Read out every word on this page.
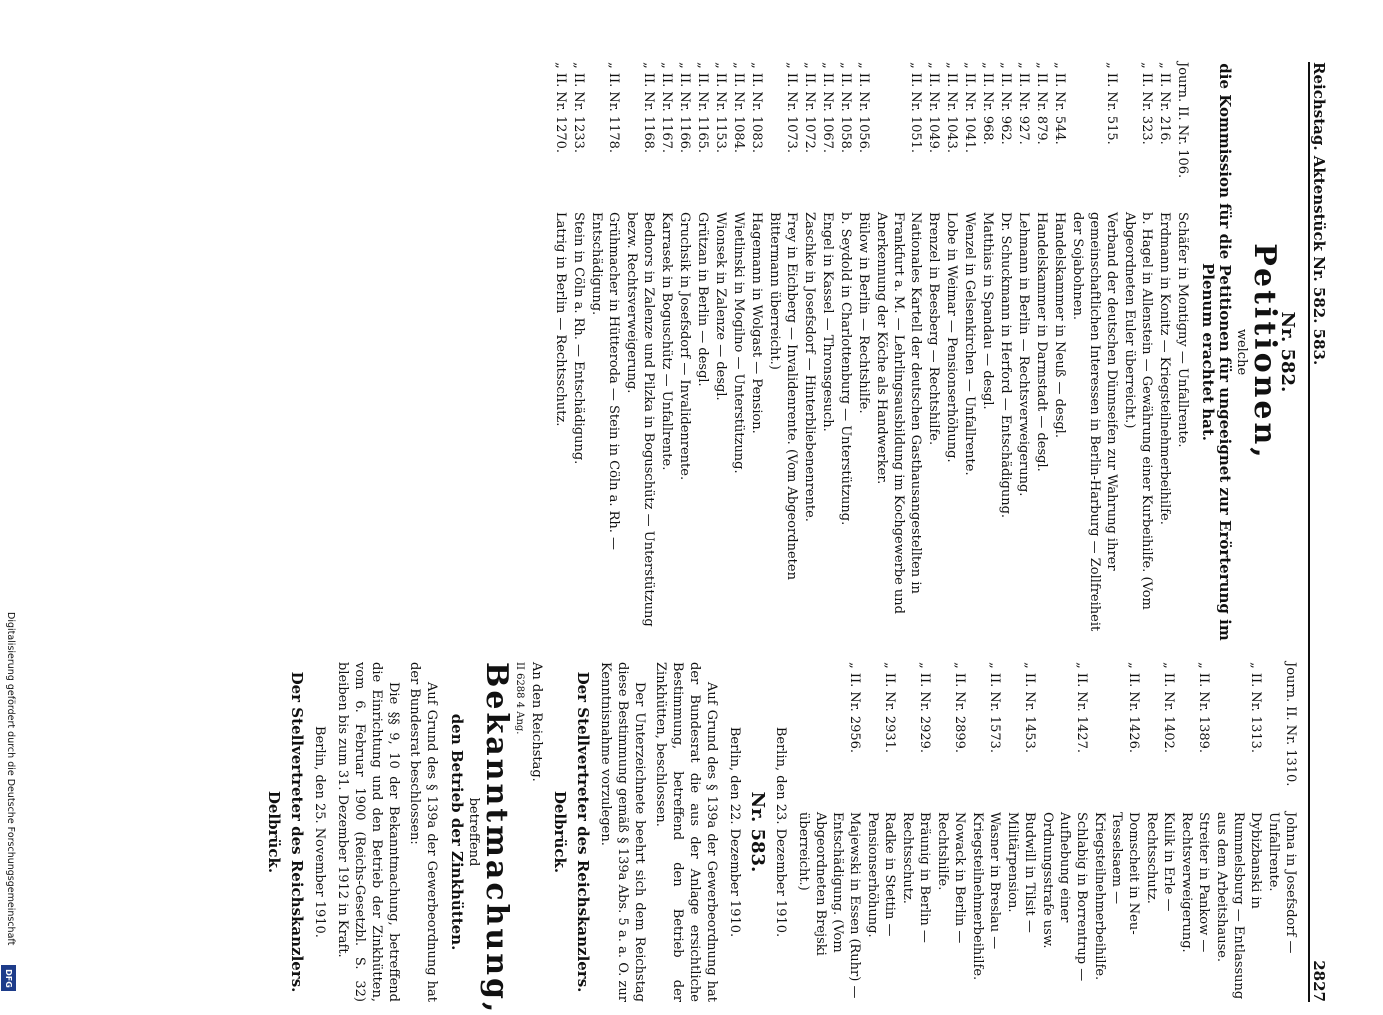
Digitalisierung gefördert durch die Deutsche Forschungsgemeinschaft
DFG
Reichstag. Aktenstück Nr. 582. 583.
2827
Nr. 582.
Petitionen,
welche
die Kommission für die Petitionen für ungeeignet zur Erörterung im Plenum erachtet hat.
Journ. II. Nr. 106.
Schäfer in Montigny — Unfallrente.
„ II. Nr. 216.
Erdmann in Konitz — Kriegsteilnehmerbeihilfe.
„ II. Nr. 323.
b. Hagel in Allenstein — Gewährung einer Kurbeihilfe. (Vom Abgeordneten Euler überreicht.)
„ II. Nr. 515.
Verband der deutschen Dünnseifen zur Wahrung ihrer gemeinschaftlichen Interessen in Berlin-Harburg — Zollfreiheit der Sojabohnen.
„ II. Nr. 544.
Handelskammer in Neuß — desgl.
„ II. Nr. 879.
Handelskammer in Darmstadt — desgl.
„ II. Nr. 927.
Lehmann in Berlin — Rechtsverweigerung.
„ II. Nr. 962.
Dr. Schuckmann in Herford — Entschädigung.
„ II. Nr. 968.
Matthias in Spandau — desgl.
„ II. Nr. 1041.
Wenzel in Gelsenkirchen — Unfallrente.
„ II. Nr. 1043.
Lobe in Weimar — Pensionserhöhung.
„ II. Nr. 1049.
Brenzel in Beesberg — Rechtshilfe.
„ II. Nr. 1051.
Nationales Kartell der deutschen Gasthausangestellten in Frankfurt a. M. — Lehrlingsausbildung im Kochgewerbe und Anerkennung der Köche als Handwerker.
„ II. Nr. 1056.
Bülow in Berlin — Rechtshilfe.
„ II. Nr. 1058.
b. Seydold in Charlottenburg — Unterstützung.
„ II. Nr. 1067.
Engel in Kassel — Thronsgesuch.
„ II. Nr. 1072.
Zaschke in Josefsdorf — Hinterbliebenenrente.
„ II. Nr. 1073.
Frey in Eichberg — Invalidenrente. (Vom Abgeordneten Bittermann überreicht.)
„ II. Nr. 1083.
Hagemann in Wolgast — Pension.
„ II. Nr. 1084.
Wietlinski in Mogilno — Unterstützung.
„ II. Nr. 1153.
Wionsek in Zalenze — desgl.
„ II. Nr. 1165.
Grützan in Berlin — desgl.
„ II. Nr. 1166.
Gruchsik in Josefsdorf — Invalidenrente.
„ II. Nr. 1167.
Karrasek in Boguschütz — Unfallrente.
„ II. Nr. 1168.
Bednors in Zalenze und Pilzka in Boguschütz — Unterstützung bezw. Rechtsverweigerung.
„ II. Nr. 1178.
Grühmacher in Hütteroda — Stein in Cöln a. Rh. — Entschädigung.
„ II. Nr. 1233.
Stein in Cöln a. Rh. — Entschädigung.
„ II. Nr. 1270.
Latrig in Berlin — Rechtsschutz.
Journ. II. Nr. 1310.
Johna in Josefsdorf — Unfallrente.
„ II. Nr. 1313.
Dybizbanski in Rummelsburg — Entlassung aus dem Arbeitshause.
„ II. Nr. 1389.
Streiter in Pankow — Rechtsverweigerung.
„ II. Nr. 1402.
Kulik in Erle — Rechtsschutz.
„ II. Nr. 1426.
Domscheit in Neu-Tesselsaem — Kriegsteilnehmerbeihilfe.
„ II. Nr. 1427.
Schlabig in Borrentrup — Aufhebung einer Ordnungsstrafe usw.
„ II. Nr. 1453.
Budwill in Tilsit — Militärpension.
„ II. Nr. 1573.
Wasner in Breslau — Kriegsteilnehmerbeihilfe.
„ II. Nr. 2899.
Nowack in Berlin — Rechtshilfe.
„ II. Nr. 2929.
Bräunig in Berlin — Rechtsschutz.
„ II. Nr. 2931.
Radke in Stettin — Pensionserhöhung.
„ II. Nr. 2956.
Majewski in Essen (Ruhr) — Entschädigung. (Vom Abgeordneten Brejski überreicht.)
Berlin, den 23. Dezember 1910.
Nr. 583.
Berlin, den 22. Dezember 1910.
Auf Grund des § 139a der Gewerbeordnung hat der Bundesrat die aus der Anlage ersichtliche Bestimmung, betreffend den Betrieb der Zinkhütten, beschlossen.
Der Unterzeichnete beehrt sich dem Reichstag diese Bestimmung gemäß § 139a Abs. 5 a. a. O. zur Kenntnisnahme vorzulegen.
Der Stellvertreter des Reichskanzlers.
Delbrück.
An den Reichstag.
II 6288 4 Ang.
Bekanntmachung,
betreffend
den Betrieb der Zinkhütten.
Auf Grund des § 139a der Gewerbeordnung hat der Bundesrat beschlossen:
Die §§ 9, 10 der Bekanntmachung, betreffend die Einrichtung und den Betrieb der Zinkhütten, vom 6. Februar 1900 (Reichs-Gesetzbl. S. 32) bleiben bis zum 31. Dezember 1912 in Kraft.
Berlin, den 25. November 1910.
Der Stellvertreter des Reichskanzlers.
Delbrück.
